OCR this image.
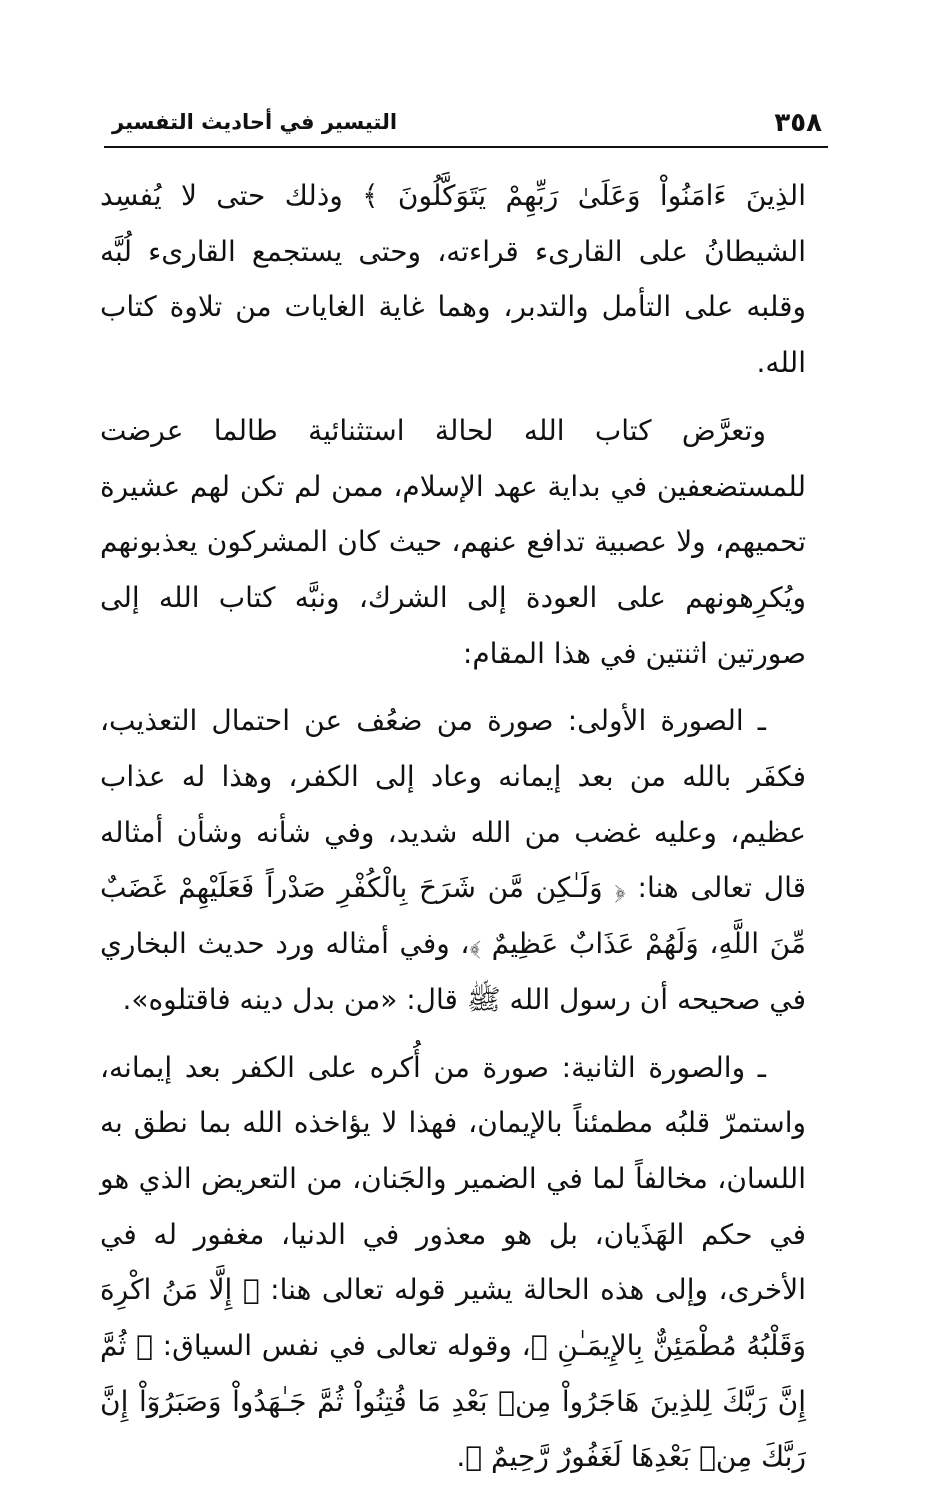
٣٥٨
التيسير في أحاديث التفسير

الذِينَ ءَامَنُواْ وَعَلَىٰ رَبِّهِمْ يَتَوَكَّلُونَ ﴾ وذلك حتى لا يُفسِد الشيطانُ على القارىء قراءته، وحتى يستجمع القارىء لُبَّه وقلبه على التأمل والتدبر، وهما غاية الغايات من تلاوة كتاب الله.

وتعرَّض كتاب الله لحالة استثنائية طالما عرضت للمستضعفين في بداية عهد الإسلام، ممن لم تكن لهم عشيرة تحميهم، ولا عصبية تدافع عنهم، حيث كان المشركون يعذبونهم ويُكرِهونهم على العودة إلى الشرك، ونبَّه كتاب الله إلى صورتين اثنتين في هذا المقام:

ـ الصورة الأولى: صورة من ضعُف عن احتمال التعذيب، فكفَر بالله من بعد إيمانه وعاد إلى الكفر، وهذا له عذاب عظيم، وعليه غضب من الله شديد، وفي شأنه وشأن أمثاله قال تعالى هنا: ﴿ وَلَـٰكِن مَّن شَرَحَ بِالْكُفْرِ صَدْراً فَعَلَيْهِمْ غَضَبٌ مِّنَ اللَّهِ، وَلَهُمْ عَذَابٌ عَظِيمٌ ﴾، وفي أمثاله ورد حديث البخاري في صحيحه أن رسول الله ﷺ قال: «من بدل دينه فاقتلوه».

ـ والصورة الثانية: صورة من أُكره على الكفر بعد إيمانه، واستمرّ قلبُه مطمئناً بالإيمان، فهذا لا يؤاخذه الله بما نطق به اللسان، مخالفاً لما في الضمير والجَنان، من التعريض الذي هو في حكم الهَذَيان، بل هو معذور في الدنيا، مغفور له في الأخرى، وإلى هذه الحالة يشير قوله تعالى هنا: ﴿ إِلَّا مَنُ اكْرِهَ وَقَلْبُهُ مُطْمَئِنٌّ بِالإِيمَـٰنِ ﴾، وقوله تعالى في نفس السياق: ﴿ ثُمَّ إِنَّ رَبَّكَ لِلذِينَ هَاجَرُواْ مِنۢ بَعْدِ مَا فُتِنُواْ ثُمَّ جَـٰهَدُواْ وَصَبَرُوٓاْ إِنَّ رَبَّكَ مِنۢ بَعْدِهَا لَغَفُورٌ رَّحِيمٌ ﴾.
